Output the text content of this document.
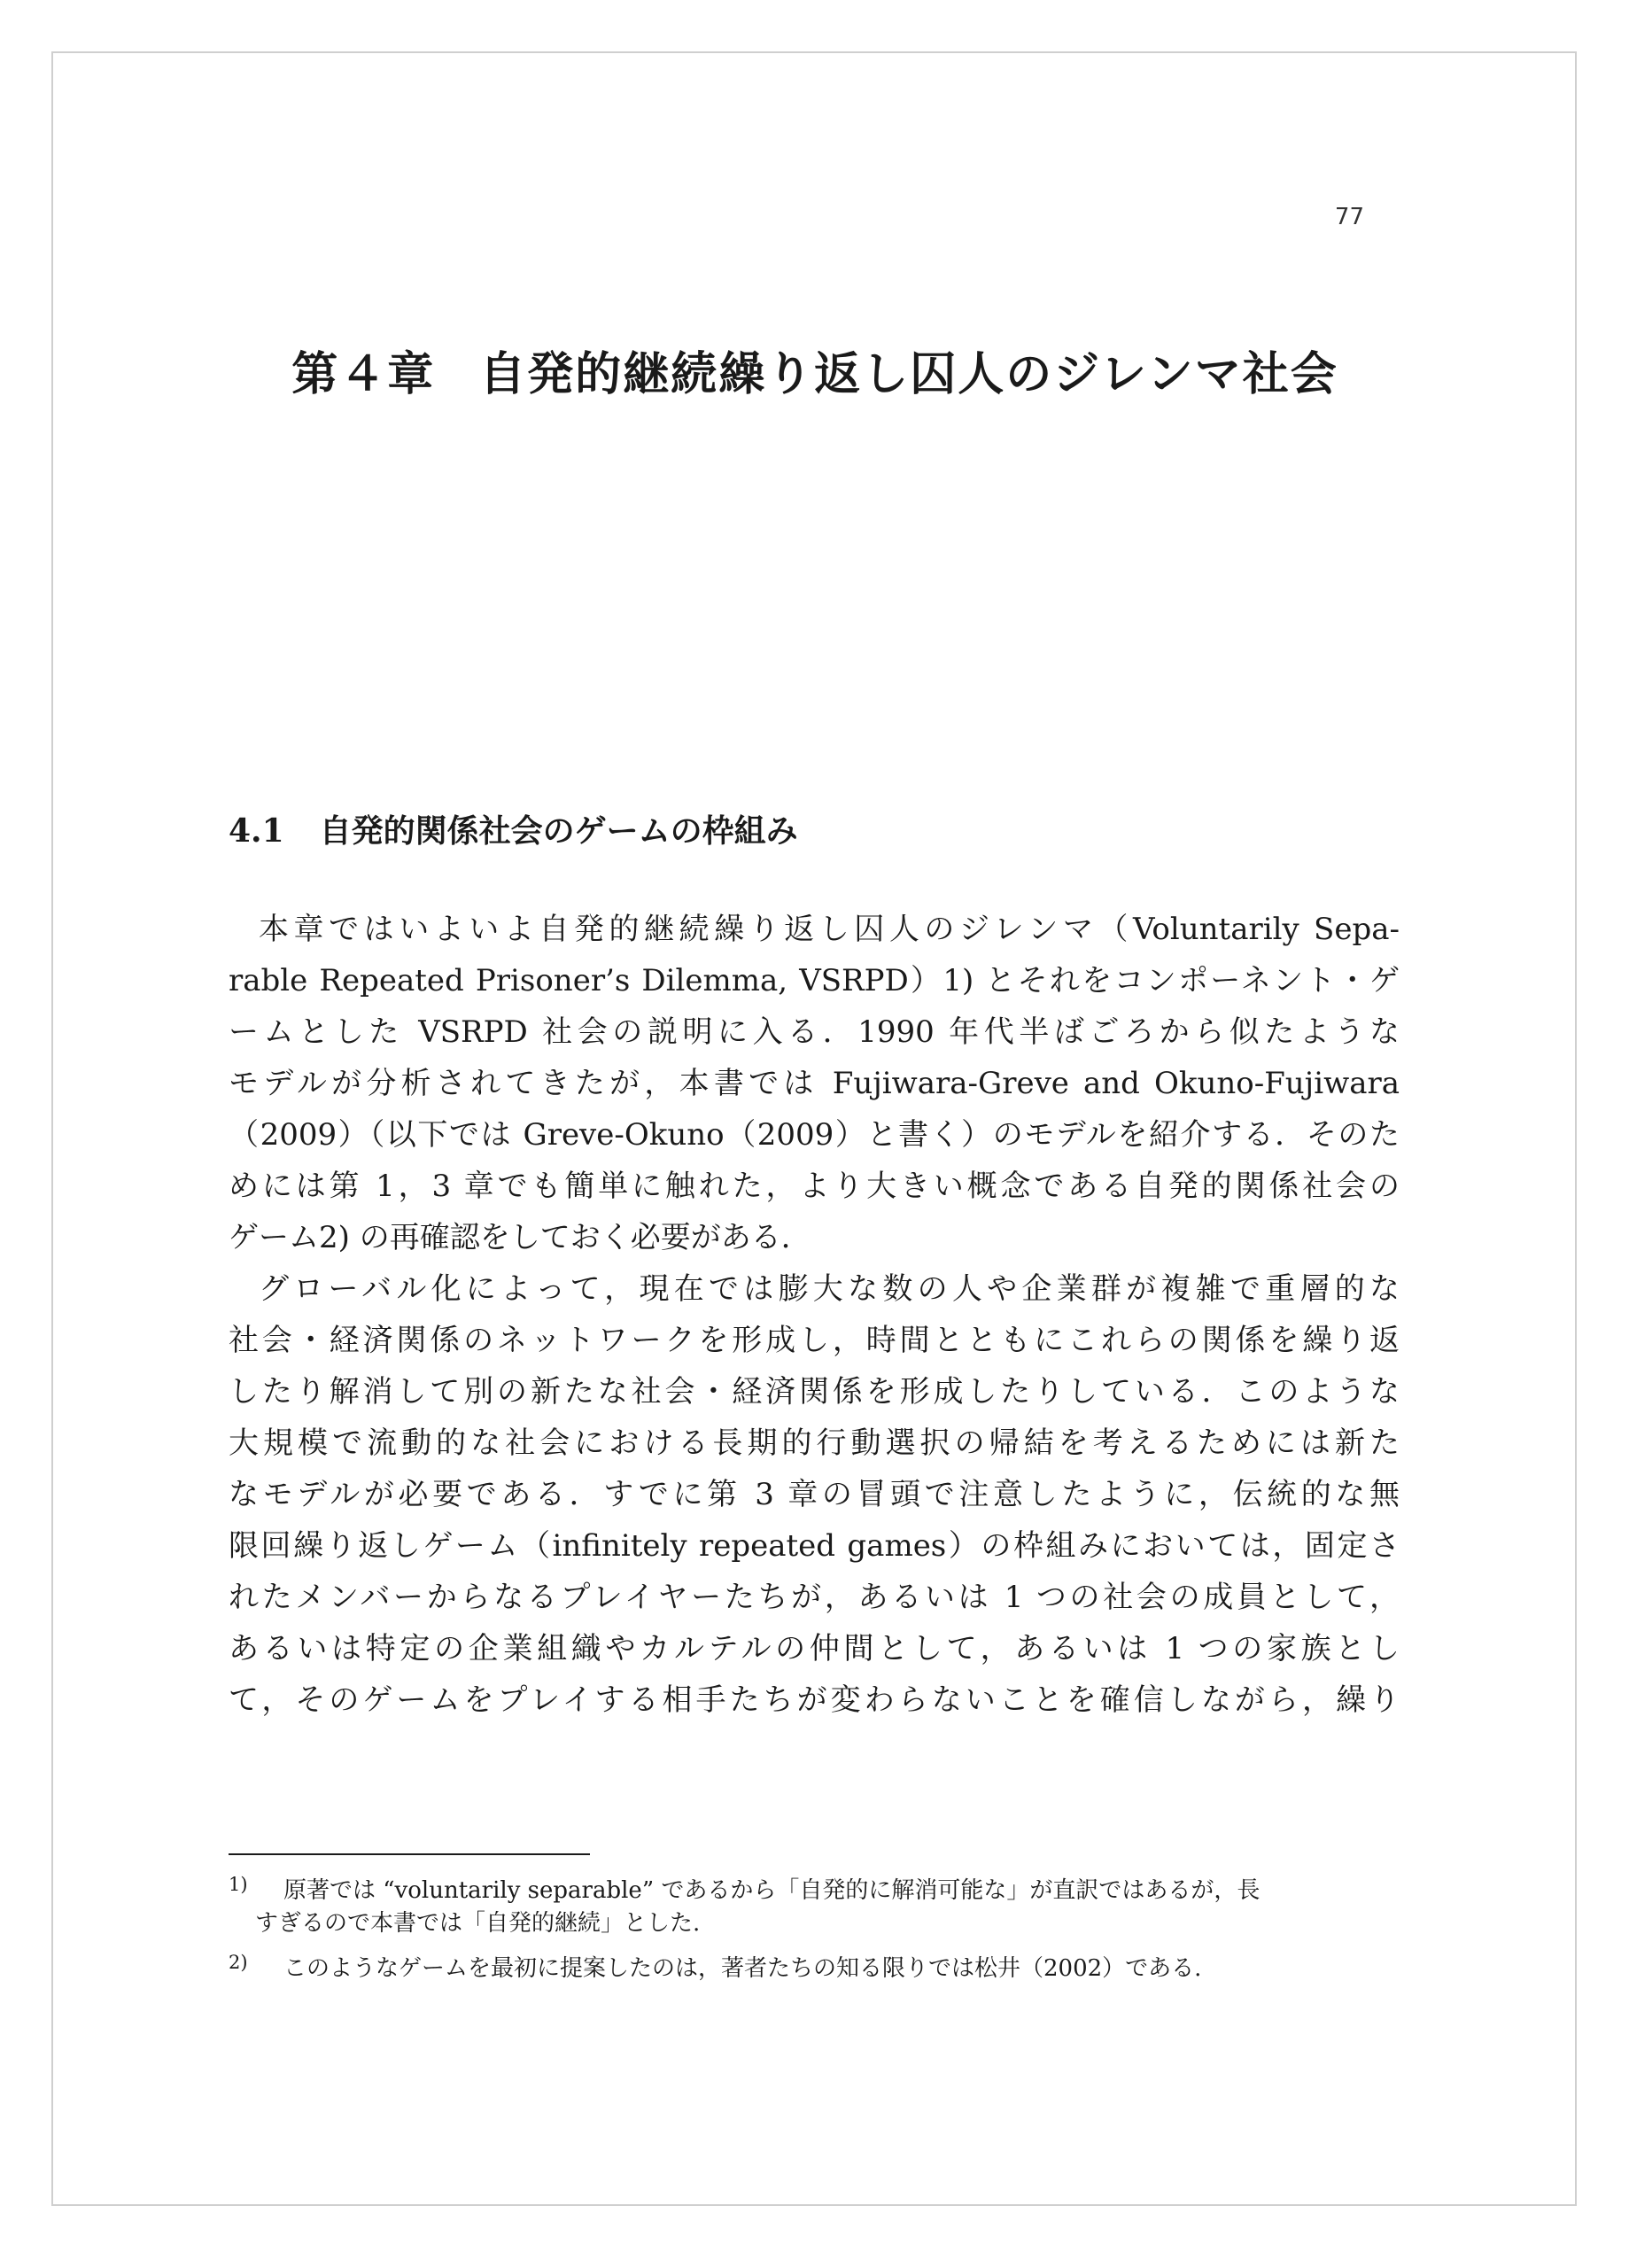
77
第４章 自発的継続繰り返し囚人のジレンマ社会
4.1 自発的関係社会のゲームの枠組み
本章ではいよいよ自発的継続繰り返し囚人のジレンマ（Voluntarily Sepa-
rable Repeated Prisoner’s Dilemma, VSRPD）1) とそれをコンポーネント・ゲ
ームとした VSRPD 社会の説明に入る．1990 年代半ばごろから似たような
モデルが分析されてきたが，本書では Fujiwara-Greve and Okuno-Fujiwara
（2009）（以下では Greve-Okuno（2009）と書く）のモデルを紹介する．そのた
めには第 1，3 章でも簡単に触れた，より大きい概念である自発的関係社会の
ゲーム2) の再確認をしておく必要がある．
グローバル化によって，現在では膨大な数の人や企業群が複雑で重層的な
社会・経済関係のネットワークを形成し，時間とともにこれらの関係を繰り返
したり解消して別の新たな社会・経済関係を形成したりしている．このような
大規模で流動的な社会における長期的行動選択の帰結を考えるためには新た
なモデルが必要である．すでに第 3 章の冒頭で注意したように，伝統的な無
限回繰り返しゲーム（infinitely repeated games）の枠組みにおいては，固定さ
れたメンバーからなるプレイヤーたちが，あるいは 1 つの社会の成員として，
あるいは特定の企業組織やカルテルの仲間として，あるいは 1 つの家族とし
て，そのゲームをプレイする相手たちが変わらないことを確信しながら，繰り
1) 原著では “voluntarily separable” であるから「自発的に解消可能な」が直訳ではあるが，長
すぎるので本書では「自発的継続」とした.
2) このようなゲームを最初に提案したのは，著者たちの知る限りでは松井（2002）である.
